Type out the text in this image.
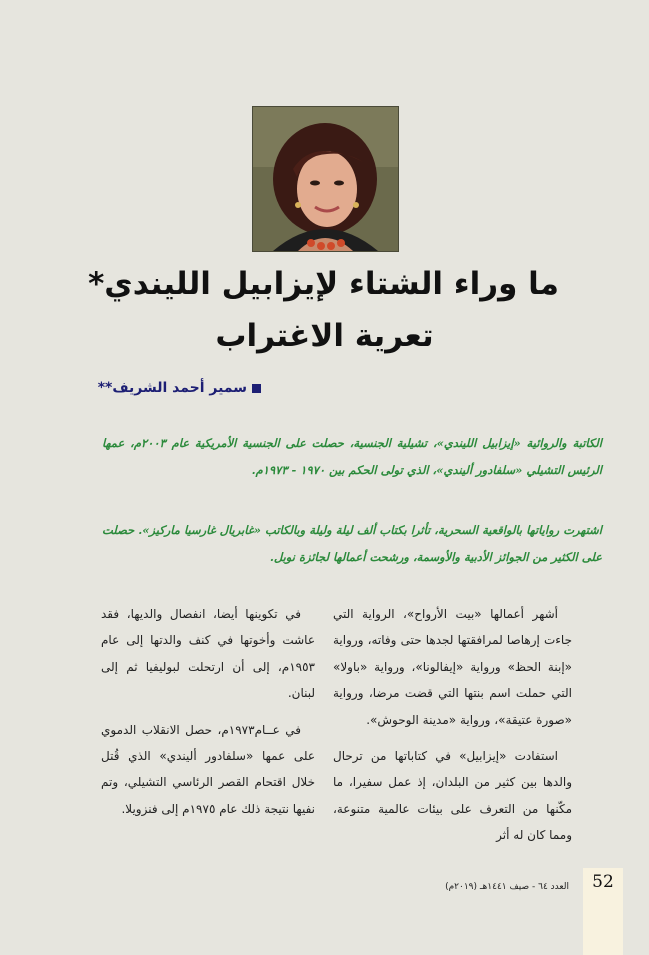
ما وراء الشتاء لإيزابيل الليندي*
تعرية الاغتراب
سمير أحمد الشريف**
الكاتبة والروائية «إيزابيل الليندي»، تشيلية الجنسية، حصلت على الجنسية الأمريكية عام ٢٠٠٣م، عمها الرئيس التشيلي «سلفادور أليندي»، الذي تولى الحكم بين ١٩٧٠ - ١٩٧٣م.
اشتهرت رواياتها بالواقعية السحرية، تأثرا بكتاب ألف ليلة وليلة وبالكاتب «غابريال غارسيا ماركيز». حصلت على الكثير من الجوائز الأدبية والأوسمة، ورشحت أعمالها لجائزة نوبل.

أشهر أعمالها «بيت الأرواح»، الرواية التي جاءت إرهاصا لمرافقتها لجدها حتى وفاته، ورواية «إبنة الحظ» ورواية «إيفالونا»، ورواية «باولا» التي حملت اسم بنتها التي قضت مرضا، ورواية «صورة عتيقة»، ورواية «مدينة الوحوش».

استفادت «إيزابيل» في كتاباتها من ترحال والدها بين كثير من البلدان، إذ عمل سفيرا، ما مكّنها من التعرف على بيئات عالمية متنوعة، ومما كان له أثر

في تكوينها أيضا، انفصال والديها، فقد عاشت وأخوتها في كنف والدتها إلى عام ١٩٥٣م، إلى أن ارتحلت لبوليفيا ثم إلى لبنان.

في عــام١٩٧٣م، حصل الانقلاب الدموي على عمها «سلفادور أليندي» الذي قُتل خلال اقتحام القصر الرئاسي التشيلي، وتم نفيها نتيجة ذلك عام ١٩٧٥م إلى فنزويلا.

52
العدد ٦٤ - صيف ١٤٤١هـ (٢٠١٩م)
